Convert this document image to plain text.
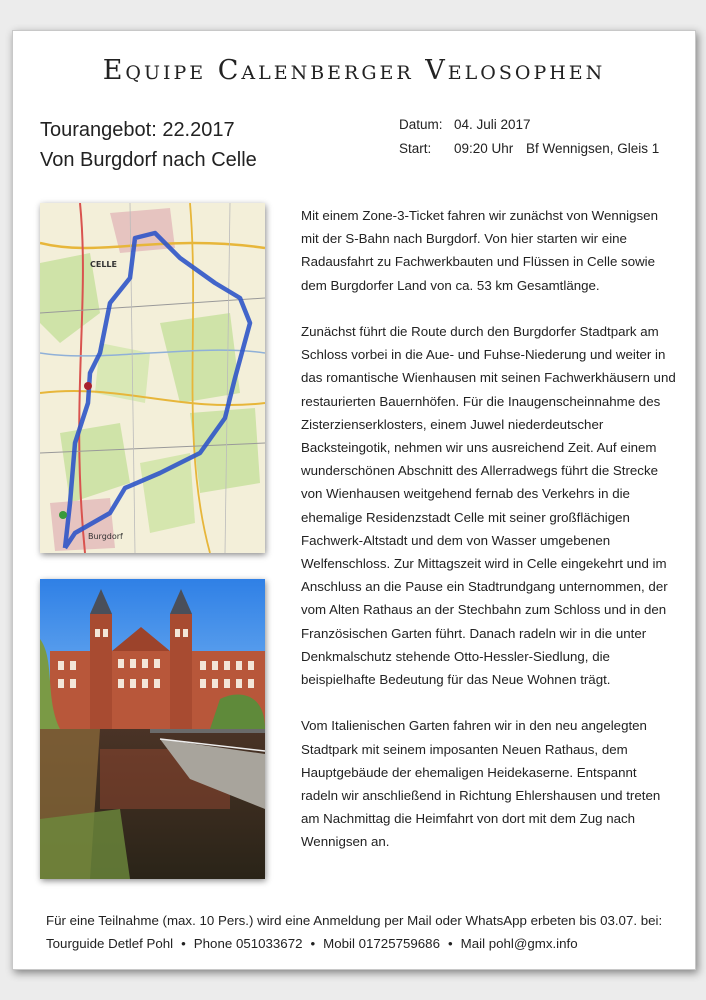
Equipe Calenberger Velosophen
Tourangebot: 22.2017
Von Burgdorf nach Celle
Datum: 04. Juli 2017
Start:	09:20 Uhr Bf Wennigsen, Gleis 1
CELLE
Burgdorf

Mit einem Zone-3-Ticket fahren wir zunächst von Wennigsen mit der S-Bahn nach Burgdorf. Von hier starten wir eine Radausfahrt zu Fachwerkbauten und Flüssen in Celle sowie dem Burgdorfer Land von ca. 53 km Gesamtlänge.

Zunächst führt die Route durch den Burgdorfer Stadtpark am Schloss vorbei in die Aue- und Fuhse-Niederung und weiter in das romantische Wienhausen mit seinen Fachwerkhäusern und restaurierten Bauernhöfen. Für die Inaugenscheinnahme des Zisterzienserklosters, einem Juwel niederdeutscher Backsteingotik, nehmen wir uns ausreichend Zeit. Auf einem wunderschönen Abschnitt des Allerradwegs führt die Strecke von Wienhausen weitgehend fernab des Verkehrs in die ehemalige Residenzstadt Celle mit seiner großflächigen Fachwerk-Altstadt und dem von Wasser umgebenen Welfenschloss. Zur Mittagszeit wird in Celle eingekehrt und im Anschluss an die Pause ein Stadtrundgang unternommen, der vom Alten Rathaus an der Stechbahn zum Schloss und in den Französischen Garten führt. Danach radeln wir in die unter Denkmalschutz stehende Otto-Hessler-Siedlung, die beispielhafte Bedeutung für das Neue Wohnen trägt.

Vom Italienischen Garten fahren wir in den neu angelegten Stadtpark mit seinem imposanten Neuen Rathaus, dem Hauptgebäude der ehemaligen Heidekaserne. Entspannt radeln wir anschließend in Richtung Ehlershausen und treten am Nachmittag die Heimfahrt von dort mit dem Zug nach Wennigsen an.

Für eine Teilnahme (max. 10 Pers.) wird eine Anmeldung per Mail oder WhatsApp erbeten bis 03.07. bei:
Tourguide Detlef Pohl • Phone 051033672 • Mobil 01725759686 • Mail pohl@gmx.info
